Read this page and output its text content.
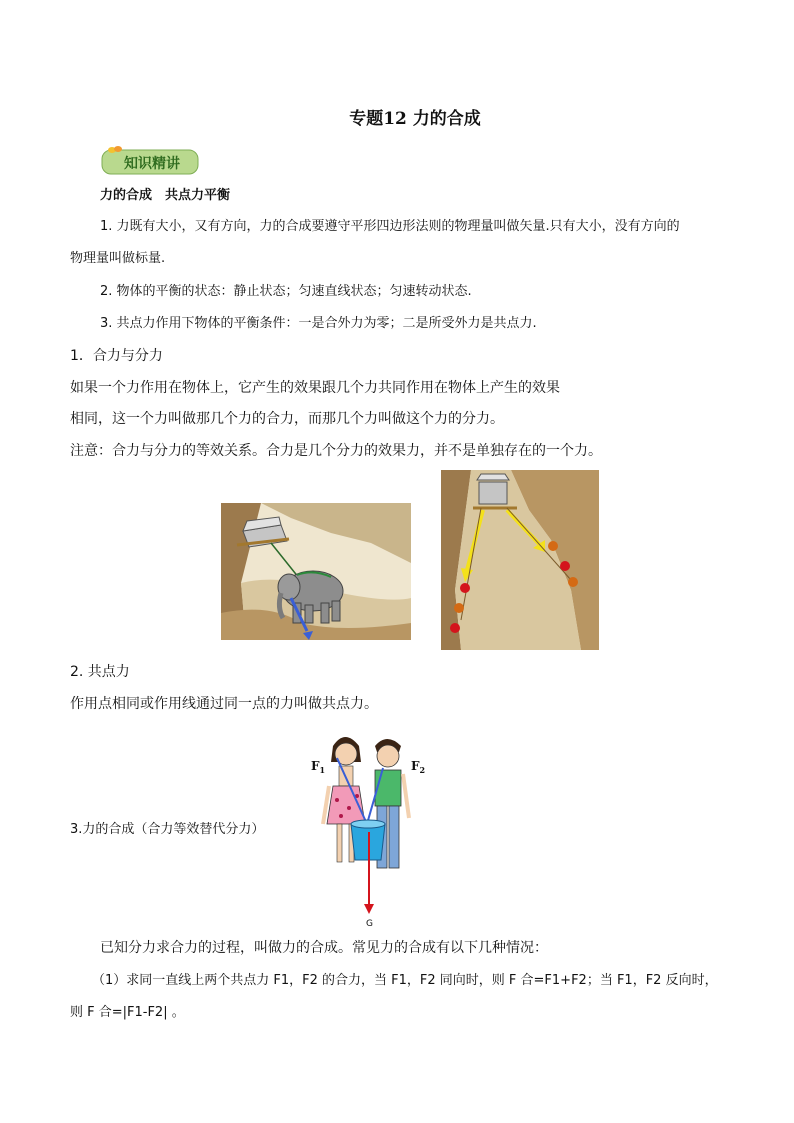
专题12 力的合成
知识精讲
力的合成　共点力平衡
1. 力既有大小，又有方向，力的合成要遵守平形四边形法则的物理量叫做矢量.只有大小，没有方向的
物理量叫做标量.
2. 物体的平衡的状态：静止状态；匀速直线状态；匀速转动状态.
3. 共点力作用下物体的平衡条件：一是合外力为零；二是所受外力是共点力.
1．合力与分力
如果一个力作用在物体上，它产生的效果跟几个力共同作用在物体上产生的效果
相同，这一个力叫做那几个力的合力，而那几个力叫做这个力的分力。
注意：合力与分力的等效关系。合力是几个分力的效果力，并不是单独存在的一个力。
2. 共点力
作用点相同或作用线通过同一点的力叫做共点力。
3.力的合成（合力等效替代分力）
$F_1$	$F_2$
G
已知分力求合力的过程，叫做力的合成。常见力的合成有以下几种情况：
（1）求同一直线上两个共点力 F1，F2 的合力，当 F1，F2 同向时，则 F 合=F1+F2；当 F1，F2 反向时，
则 F 合=|F1-F2| 。
